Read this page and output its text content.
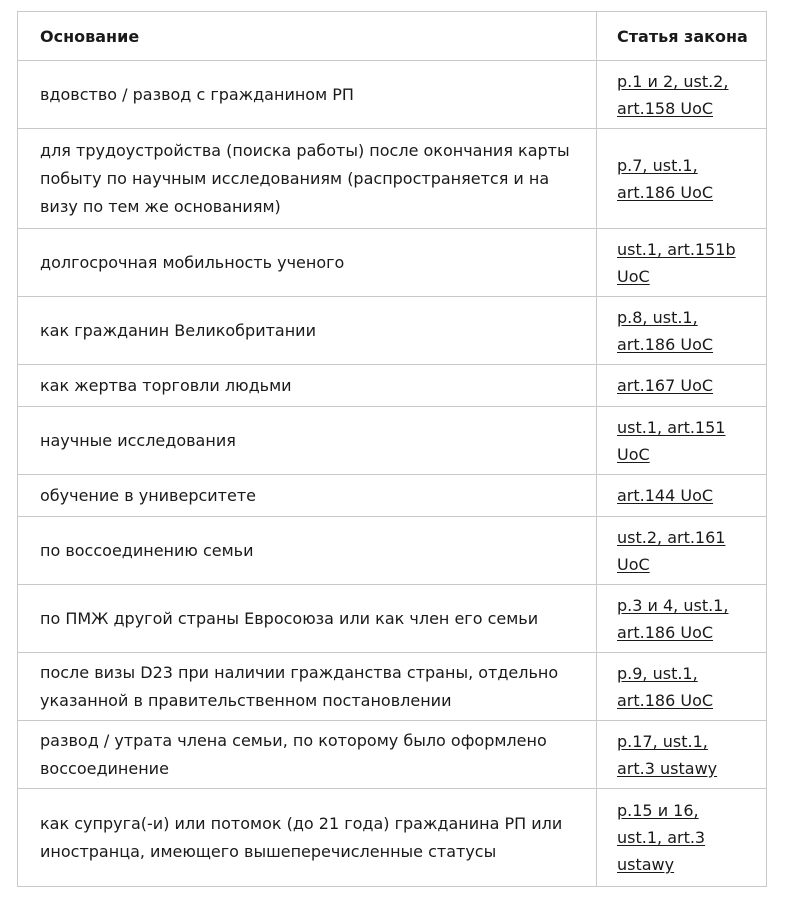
Основание	Статья закона
вдовство / развод с гражданином РП	p.1 и 2, ust.2,
art.158 UoC
для трудоустройства (поиска работы) после окончания карты побыту по научным исследованиям (распространяется и на визу по тем же основаниям)	p.7, ust.1,
art.186 UoC
долгосрочная мобильность ученого	ust.1, art.151b
UoC
как гражданин Великобритании	p.8, ust.1,
art.186 UoC
как жертва торговли людьми	art.167 UoC
научные исследования	ust.1, art.151
UoC
обучение в университете	art.144 UoC
по воссоединению семьи	ust.2, art.161
UoC
по ПМЖ другой страны Евросоюза или как член его семьи	p.3 и 4, ust.1,
art.186 UoC
после визы D23 при наличии гражданства страны, отдельно указанной в правительственном постановлении	p.9, ust.1,
art.186 UoC
развод / утрата члена семьи, по которому было оформлено воссоединение	p.17, ust.1,
art.3 ustawy
как супруга(-и) или потомок (до 21 года) гражданина РП или иностранца, имеющего вышеперечисленные статусы	p.15 и 16,
ust.1, art.3
ustawy
